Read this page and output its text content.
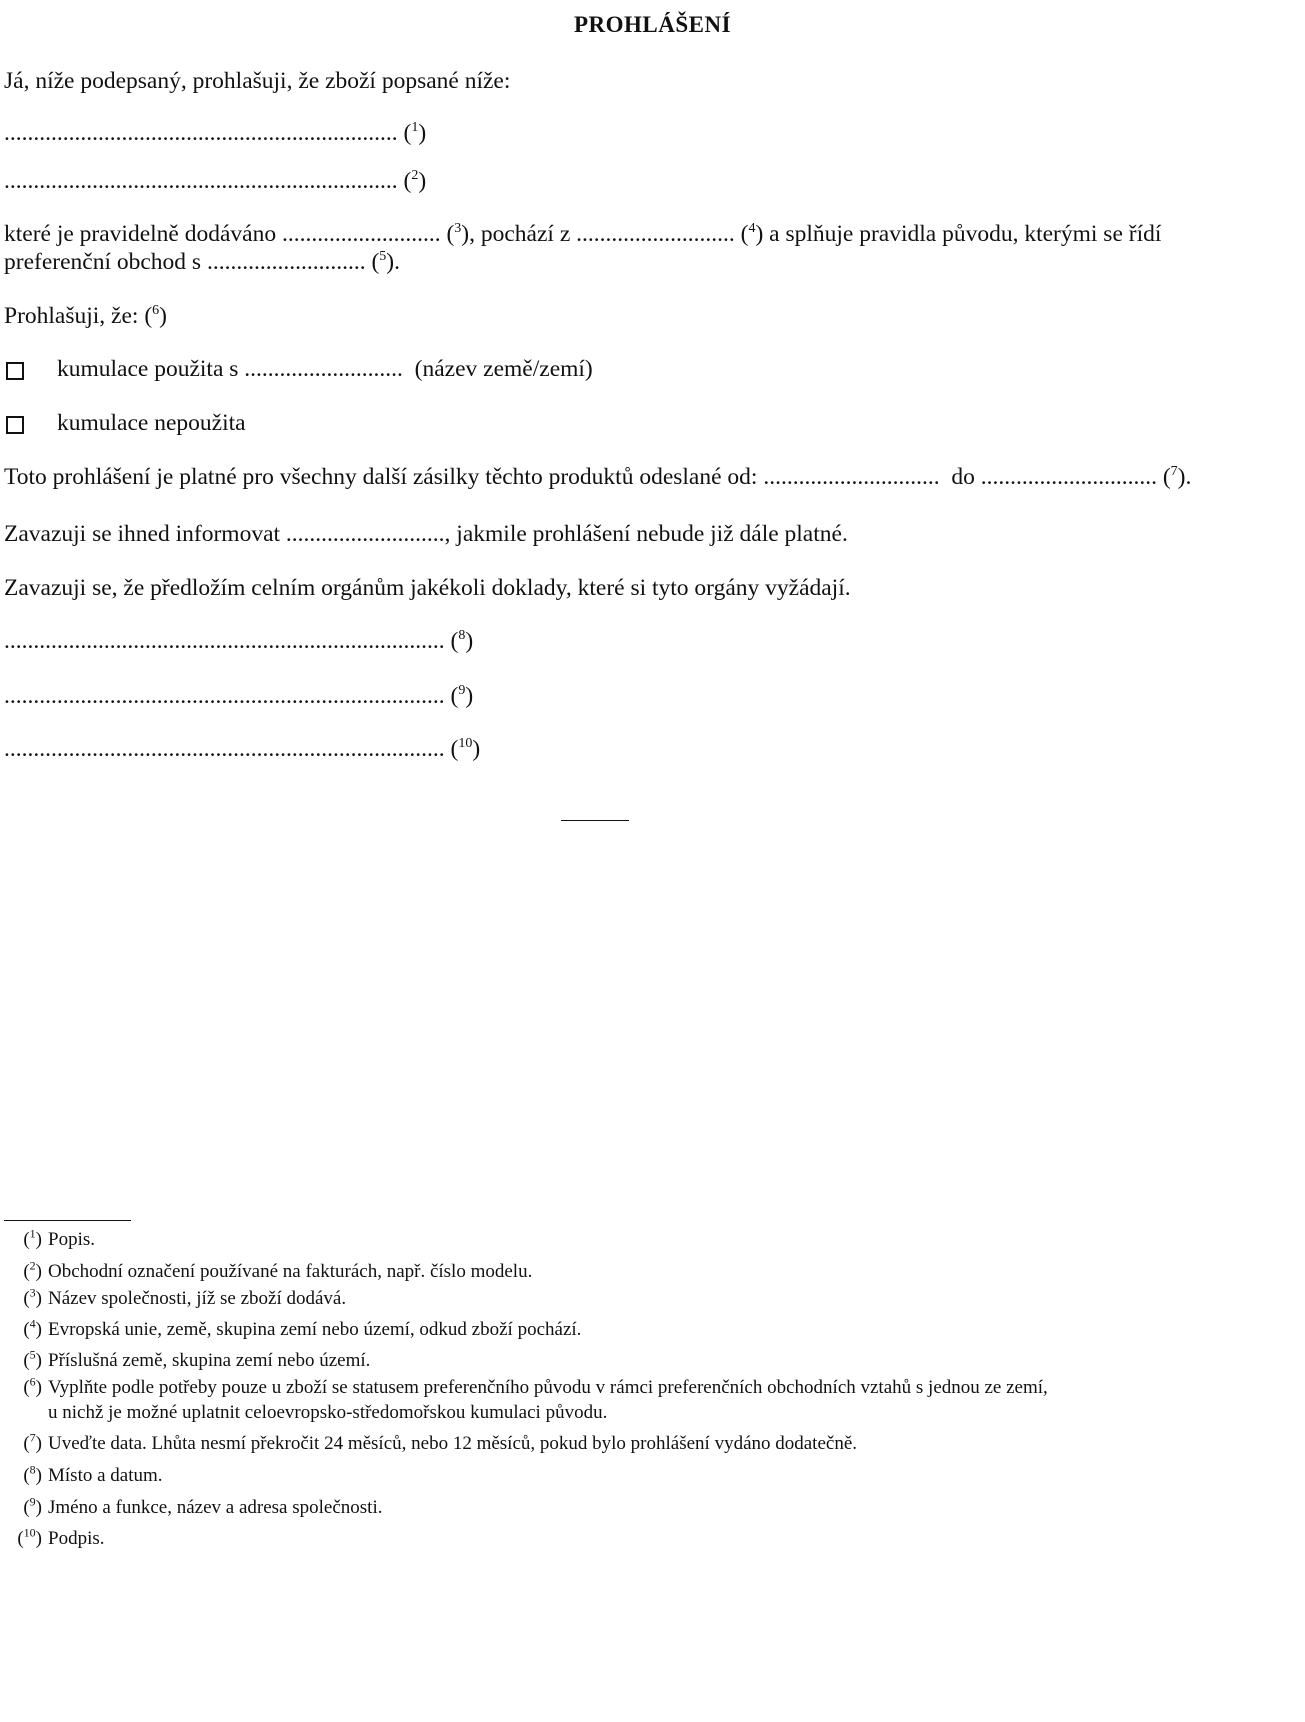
PROHLÁŠENÍ
Já, níže podepsaný, prohlašuji, že zboží popsané níže:
................................................................... ($^1$)
................................................................... ($^2$)
které je pravidelně dodáváno ........................... ($^3$), pochází z ........................... ($^4$) a splňuje pravidla původu, kterými se řídí
preferenční obchod s ........................... ($^5$).
Prohlašuji, že: ($^6$)
kumulace použita s ........................... (název země/zemí)
kumulace nepoužita
Toto prohlášení je platné pro všechny další zásilky těchto produktů odeslané od: .............................. do .............................. ($^7$).
Zavazuji se ihned informovat ..........................., jakmile prohlášení nebude již dále platné.
Zavazuji se, že předložím celním orgánům jakékoli doklady, které si tyto orgány vyžádají.
........................................................................... ($^8$)
........................................................................... ($^9$)
........................................................................... ($^{10}$)
($^1$) Popis.
($^2$) Obchodní označení používané na fakturách, např. číslo modelu.
($^3$) Název společnosti, jíž se zboží dodává.
($^4$) Evropská unie, země, skupina zemí nebo území, odkud zboží pochází.
($^5$) Příslušná země, skupina zemí nebo území.
($^6$) Vyplňte podle potřeby pouze u zboží se statusem preferenčního původu v rámci preferenčních obchodních vztahů s jednou ze zemí,
u nichž je možné uplatnit celoevropsko-středomořskou kumulaci původu.
($^7$) Uveďte data. Lhůta nesmí překročit 24 měsíců, nebo 12 měsíců, pokud bylo prohlášení vydáno dodatečně.
($^8$) Místo a datum.
($^9$) Jméno a funkce, název a adresa společnosti.
($^{10}$) Podpis.
